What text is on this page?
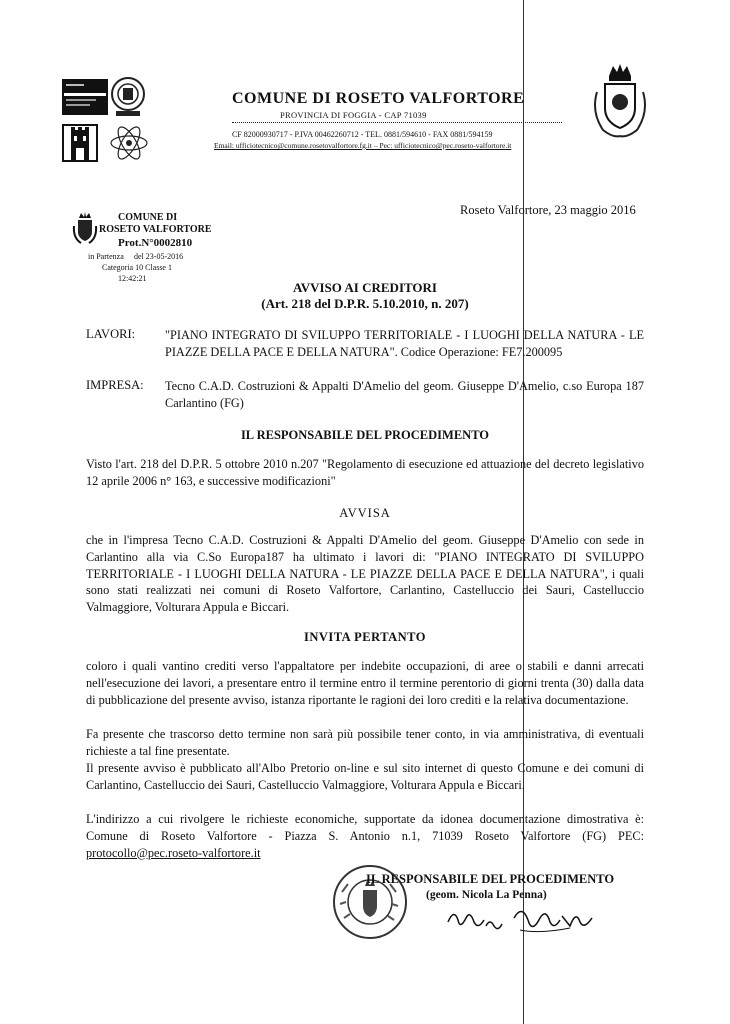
COMUNE DI ROSETO VALFORTORE
PROVINCIA DI FOGGIA - CAP 71039
CF 82000930717 - P.IVA 00462260712 - TEL. 0881/594610 - FAX 0881/594159
Email: ufficiotecnico@comune.rosetovalfortore.fg.it – Pec: ufficiotecnico@pec.roseto-valfortore.it
Roseto Valfortore, 23 maggio 2016
COMUNE DI
ROSETO VALFORTORE
Prot.N°0002810
in Partenza del 23-05-2016
Categoria 10 Classe 1
12:42:21
AVVISO AI CREDITORI
(Art. 218 del D.P.R. 5.10.2010, n. 207)
LAVORI: "PIANO INTEGRATO DI SVILUPPO TERRITORIALE - I LUOGHI DELLA NATURA - LE PIAZZE DELLA PACE E DELLA NATURA". Codice Operazione: FE7.200095
IMPRESA: Tecno C.A.D. Costruzioni & Appalti D'Amelio del geom. Giuseppe D'Amelio, c.so Europa 187 Carlantino (FG)
IL RESPONSABILE DEL PROCEDIMENTO
Visto l'art. 218 del D.P.R. 5 ottobre 2010 n.207 "Regolamento di esecuzione ed attuazione del decreto legislativo 12 aprile 2006 n° 163, e successive modificazioni"
AVVISA
che in l'impresa Tecno C.A.D. Costruzioni & Appalti D'Amelio del geom. Giuseppe D'Amelio con sede in Carlantino alla via C.So Europa187 ha ultimato i lavori di: "PIANO INTEGRATO DI SVILUPPO TERRITORIALE - I LUOGHI DELLA NATURA - LE PIAZZE DELLA PACE E DELLA NATURA", i quali sono stati realizzati nei comuni di Roseto Valfortore, Carlantino, Castelluccio dei Sauri, Castelluccio Valmaggiore, Volturara Appula e Biccari.
INVITA PERTANTO
coloro i quali vantino crediti verso l'appaltatore per indebite occupazioni, di aree o stabili e danni arrecati nell'esecuzione dei lavori, a presentare entro il termine entro il termine perentorio di giorni trenta (30) dalla data di pubblicazione del presente avviso, istanza riportante le ragioni dei loro crediti e la relativa documentazione.
Fa presente che trascorso detto termine non sarà più possibile tener conto, in via amministrativa, di eventuali richieste a tal fine presentate.
Il presente avviso è pubblicato all'Albo Pretorio on-line e sul sito internet di questo Comune e dei comuni di Carlantino, Castelluccio dei Sauri, Castelluccio Valmaggiore, Volturara Appula e Biccari.
L'indirizzo a cui rivolgere le richieste economiche, supportate da idonea documentazione dimostrativa è: Comune di Roseto Valfortore - Piazza S. Antonio n.1, 71039 Roseto Valfortore (FG) PEC: protocollo@pec.roseto-valfortore.it
IL RESPONSABILE DEL PROCEDIMENTO
(geom. Nicola La Penna)
